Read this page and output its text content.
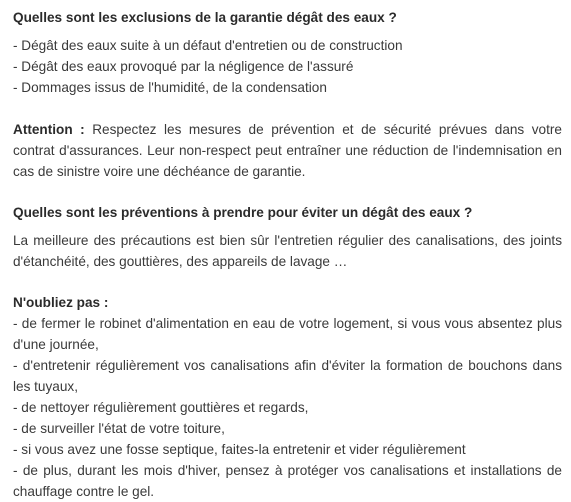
Quelles sont les exclusions de la garantie dégât des eaux ?
- Dégât des eaux suite à un défaut d'entretien ou de construction
- Dégât des eaux provoqué par la négligence de l'assuré
- Dommages issus de l'humidité, de la condensation
Attention : Respectez les mesures de prévention et de sécurité prévues dans votre contrat d'assurances. Leur non-respect peut entraîner une réduction de l'indemnisation en cas de sinistre voire une déchéance de garantie.
Quelles sont les préventions à prendre pour éviter un dégât des eaux ?
La meilleure des précautions est bien sûr l'entretien régulier des canalisations, des joints d'étanchéité, des gouttières, des appareils de lavage …
N'oubliez pas :
- de fermer le robinet d'alimentation en eau de votre logement, si vous vous absentez plus d'une journée,
- d'entretenir régulièrement vos canalisations afin d'éviter la formation de bouchons dans les tuyaux,
- de nettoyer régulièrement gouttières et regards,
- de surveiller l'état de votre toiture,
- si vous avez une fosse septique, faites-la entretenir et vider régulièrement
- de plus, durant les mois d'hiver, pensez à protéger vos canalisations et installations de chauffage contre le gel.
